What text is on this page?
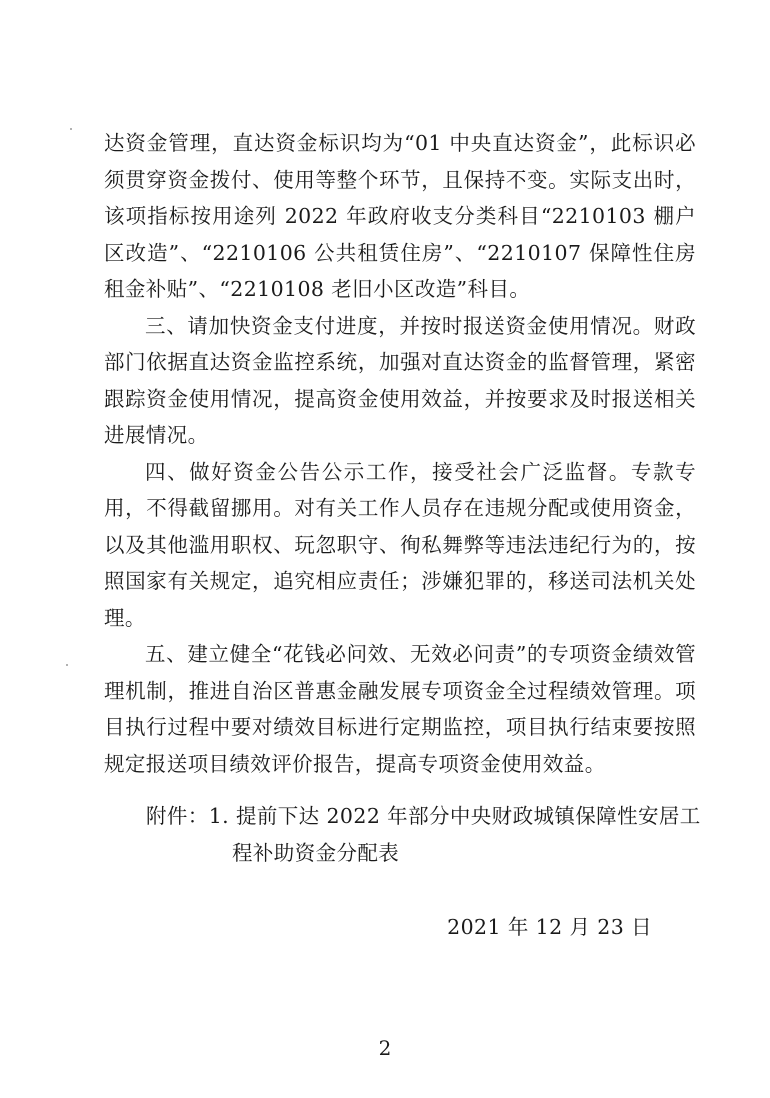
达资金管理，直达资金标识均为“01 中央直达资金”，此标识必须贯穿资金拨付、使用等整个环节，且保持不变。实际支出时，该项指标按用途列 2022 年政府收支分类科目“2210103 棚户区改造”、“2210106 公共租赁住房”、“2210107 保障性住房租金补贴”、“2210108 老旧小区改造”科目。

三、请加快资金支付进度，并按时报送资金使用情况。财政部门依据直达资金监控系统，加强对直达资金的监督管理，紧密跟踪资金使用情况，提高资金使用效益，并按要求及时报送相关进展情况。

四、做好资金公告公示工作，接受社会广泛监督。专款专用，不得截留挪用。对有关工作人员存在违规分配或使用资金，以及其他滥用职权、玩忽职守、徇私舞弊等违法违纪行为的，按照国家有关规定，追究相应责任；涉嫌犯罪的，移送司法机关处理。

五、建立健全“花钱必问效、无效必问责”的专项资金绩效管理机制，推进自治区普惠金融发展专项资金全过程绩效管理。项目执行过程中要对绩效目标进行定期监控，项目执行结束要按照规定报送项目绩效评价报告，提高专项资金使用效益。

附件：1. 提前下达 2022 年部分中央财政城镇保障性安居工
程补助资金分配表
2021 年 12 月 23 日
2
